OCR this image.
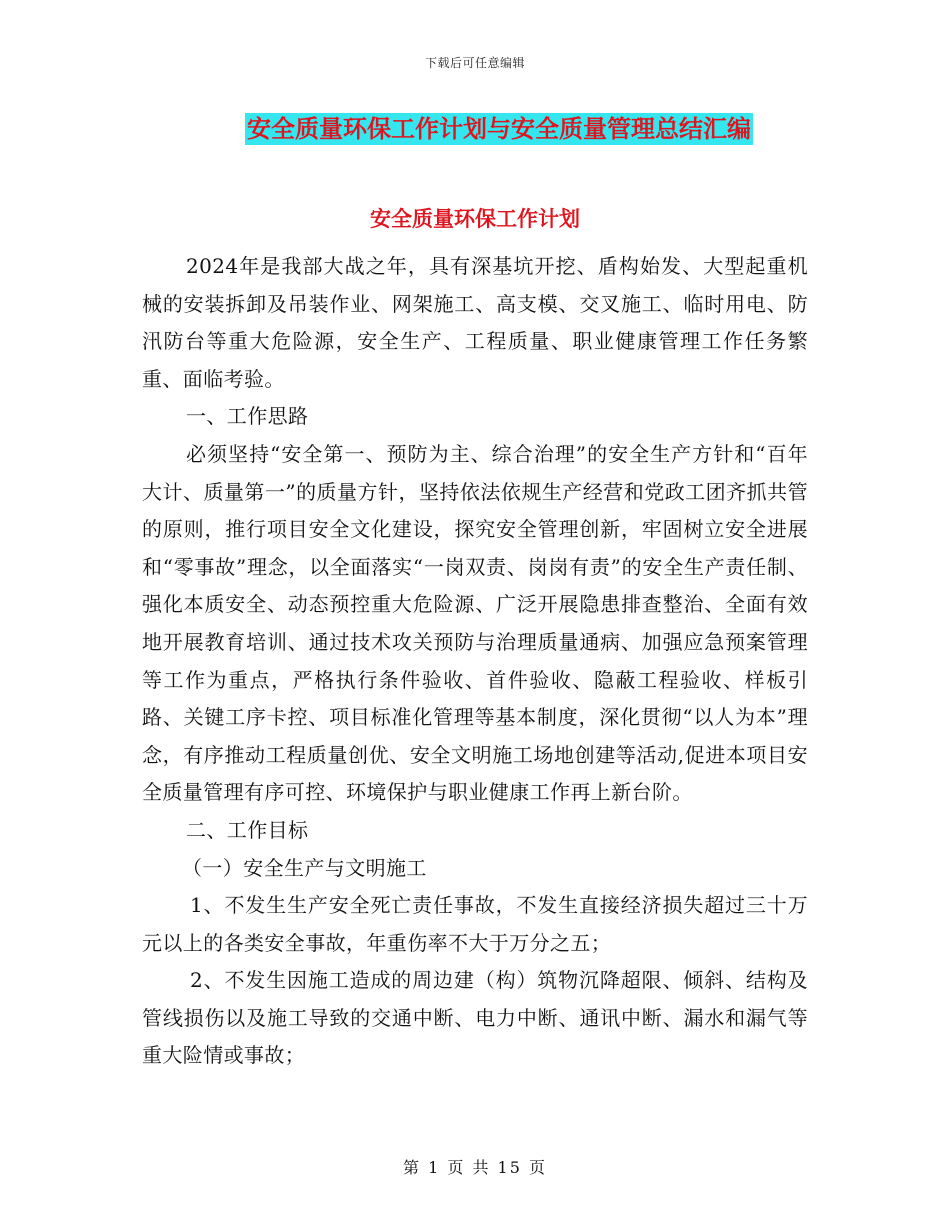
下载后可任意编辑
安全质量环保工作计划与安全质量管理总结汇编
安全质量环保工作计划

2024年是我部大战之年，具有深基坑开挖、盾构始发、大型起重机械的安装拆卸及吊装作业、网架施工、高支模、交叉施工、临时用电、防汛防台等重大危险源，安全生产、工程质量、职业健康管理工作任务繁重、面临考验。

一、工作思路

必须坚持“安全第一、预防为主、综合治理”的安全生产方针和“百年大计、质量第一”的质量方针，坚持依法依规生产经营和党政工团齐抓共管的原则，推行项目安全文化建设，探究安全管理创新，牢固树立安全进展和“零事故”理念，以全面落实“一岗双责、岗岗有责”的安全生产责任制、强化本质安全、动态预控重大危险源、广泛开展隐患排查整治、全面有效地开展教育培训、通过技术攻关预防与治理质量通病、加强应急预案管理等工作为重点，严格执行条件验收、首件验收、隐蔽工程验收、样板引路、关键工序卡控、项目标准化管理等基本制度，深化贯彻“以人为本”理念，有序推动工程质量创优、安全文明施工场地创建等活动,促进本项目安全质量管理有序可控、环境保护与职业健康工作再上新台阶。

二、工作目标

（一）安全生产与文明施工

1、不发生生产安全死亡责任事故，不发生直接经济损失超过三十万元以上的各类安全事故，年重伤率不大于万分之五；

2、不发生因施工造成的周边建（构）筑物沉降超限、倾斜、结构及管线损伤以及施工导致的交通中断、电力中断、通讯中断、漏水和漏气等重大险情或事故；

第 1 页 共 15 页
